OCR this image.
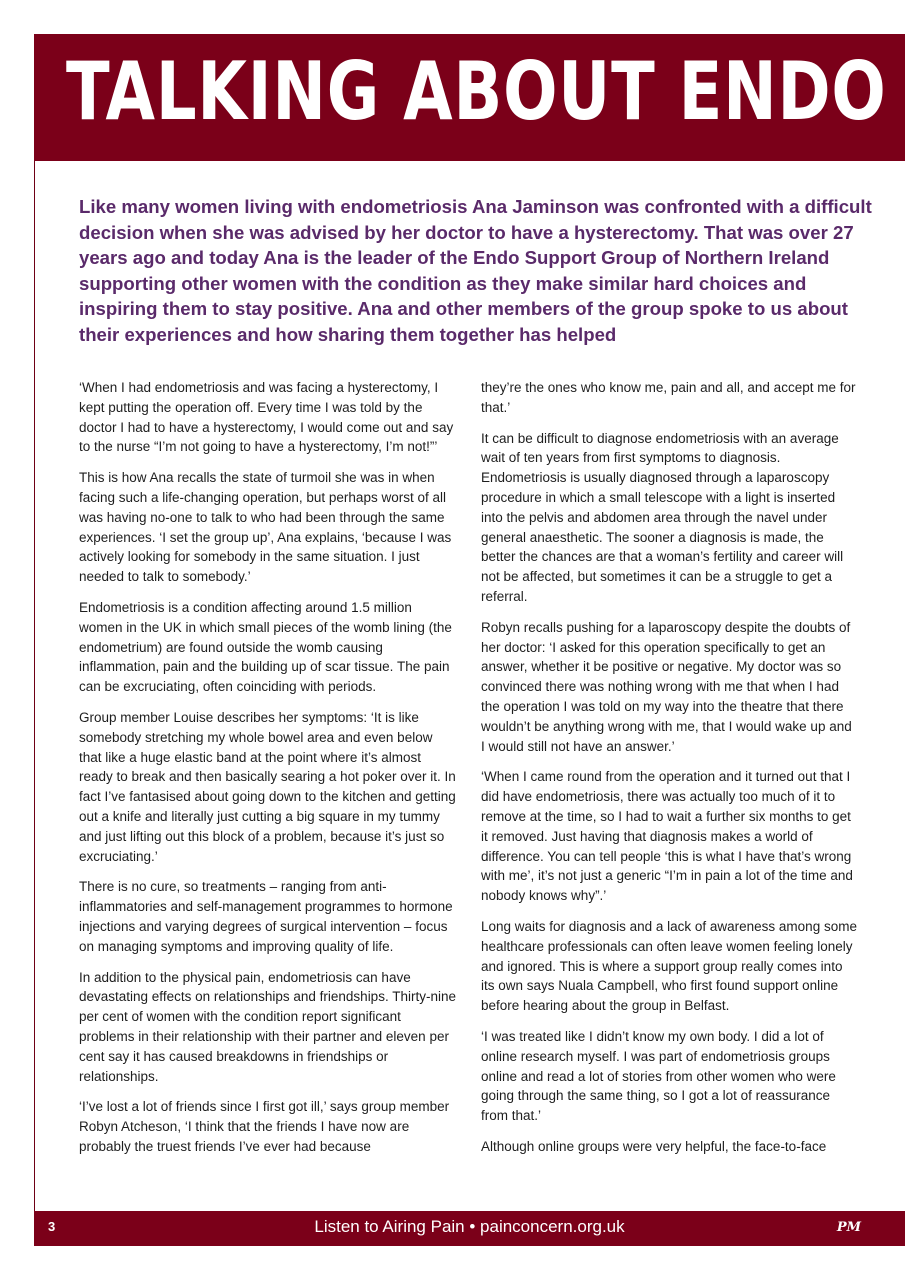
TALKING ABOUT ENDO

Like many women living with endometriosis Ana Jaminson was confronted with a difficult decision when she was advised by her doctor to have a hysterectomy. That was over 27 years ago and today Ana is the leader of the Endo Support Group of Northern Ireland supporting other women with the condition as they make similar hard choices and inspiring them to stay positive. Ana and other members of the group spoke to us about their experiences and how sharing them together has helped

‘When I had endometriosis and was facing a hysterectomy, I kept putting the operation off. Every time I was told by the doctor I had to have a hysterectomy, I would come out and say to the nurse “I’m not going to have a hysterectomy, I’m not!”’

This is how Ana recalls the state of turmoil she was in when facing such a life-changing operation, but perhaps worst of all was having no-one to talk to who had been through the same experiences. ‘I set the group up’, Ana explains, ‘because I was actively looking for somebody in the same situation. I just needed to talk to somebody.’

Endometriosis is a condition affecting around 1.5 million women in the UK in which small pieces of the womb lining (the endometrium) are found outside the womb causing inflammation, pain and the building up of scar tissue. The pain can be excruciating, often coinciding with periods.

Group member Louise describes her symptoms: ‘It is like somebody stretching my whole bowel area and even below that like a huge elastic band at the point where it’s almost ready to break and then basically searing a hot poker over it. In fact I’ve fantasised about going down to the kitchen and getting out a knife and literally just cutting a big square in my tummy and just lifting out this block of a problem, because it’s just so excruciating.’

There is no cure, so treatments – ranging from anti-inflammatories and self-management programmes to hormone injections and varying degrees of surgical intervention – focus on managing symptoms and improving quality of life.

In addition to the physical pain, endometriosis can have devastating effects on relationships and friendships. Thirty-nine per cent of women with the condition report significant problems in their relationship with their partner and eleven per cent say it has caused breakdowns in friendships or relationships.

‘I’ve lost a lot of friends since I first got ill,’ says group member Robyn Atcheson, ‘I think that the friends I have now are probably the truest friends I’ve ever had because

they’re the ones who know me, pain and all, and accept me for that.’

It can be difficult to diagnose endometriosis with an average wait of ten years from first symptoms to diagnosis. Endometriosis is usually diagnosed through a laparoscopy procedure in which a small telescope with a light is inserted into the pelvis and abdomen area through the navel under general anaesthetic. The sooner a diagnosis is made, the better the chances are that a woman’s fertility and career will not be affected, but sometimes it can be a struggle to get a referral.

Robyn recalls pushing for a laparoscopy despite the doubts of her doctor: ‘I asked for this operation specifically to get an answer, whether it be positive or negative. My doctor was so convinced there was nothing wrong with me that when I had the operation I was told on my way into the theatre that there wouldn’t be anything wrong with me, that I would wake up and I would still not have an answer.’

‘When I came round from the operation and it turned out that I did have endometriosis, there was actually too much of it to remove at the time, so I had to wait a further six months to get it removed. Just having that diagnosis makes a world of difference. You can tell people ‘this is what I have that’s wrong with me’, it’s not just a generic “I’m in pain a lot of the time and nobody knows why”.’

Long waits for diagnosis and a lack of awareness among some healthcare professionals can often leave women feeling lonely and ignored. This is where a support group really comes into its own says Nuala Campbell, who first found support online before hearing about the group in Belfast.

‘I was treated like I didn’t know my own body. I did a lot of online research myself. I was part of endometriosis groups online and read a lot of stories from other women who were going through the same thing, so I got a lot of reassurance from that.’

Although online groups were very helpful, the face-to-face

3	Listen to Airing Pain • painconcern.org.uk	PM
